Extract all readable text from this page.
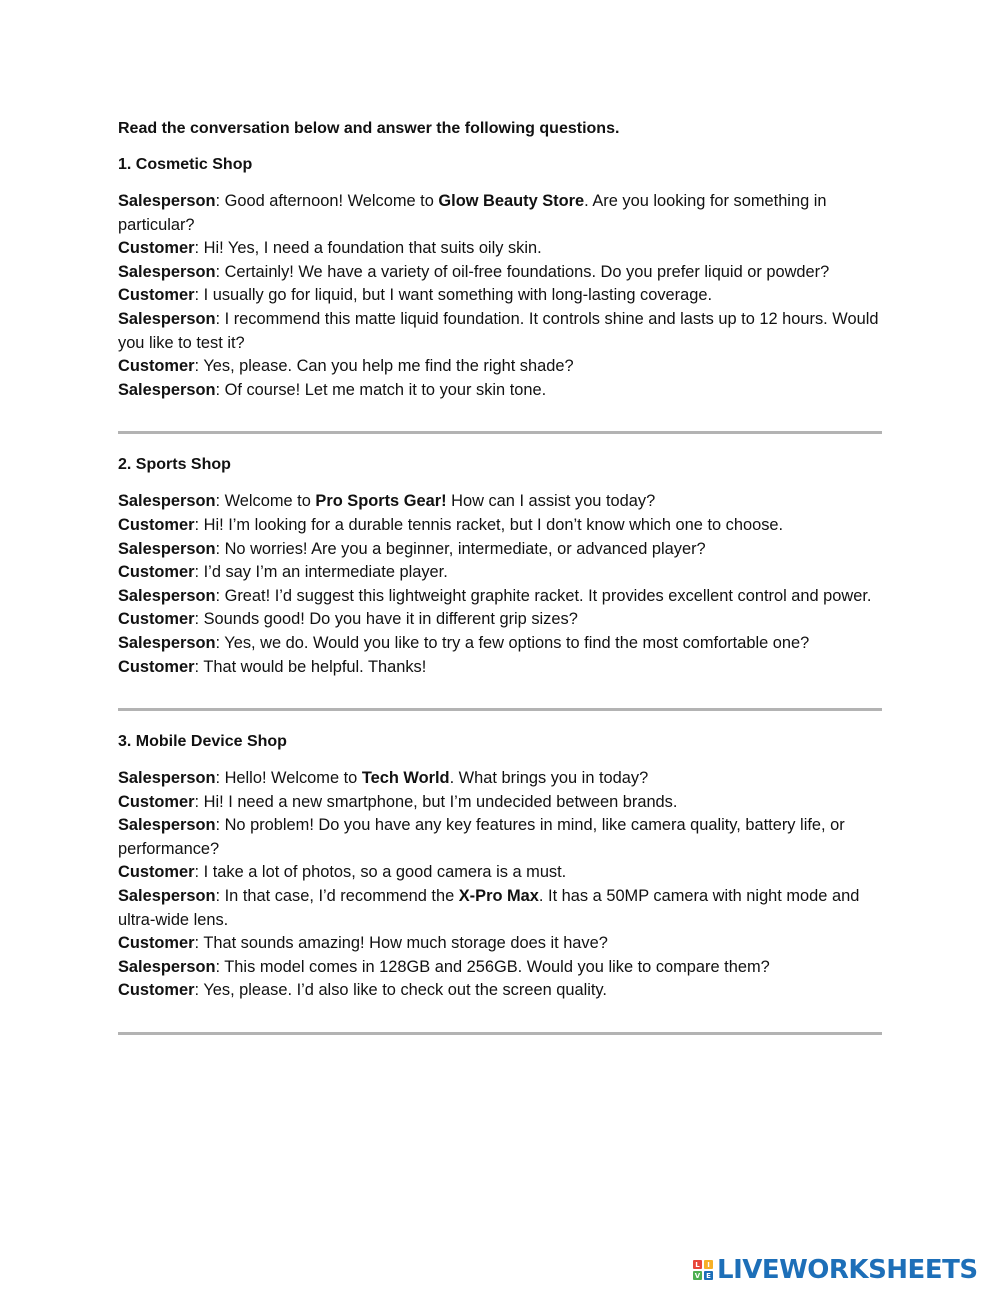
Read the conversation below and answer the following questions.

1. Cosmetic Shop

Salesperson: Good afternoon! Welcome to Glow Beauty Store. Are you looking for something in particular?

Customer: Hi! Yes, I need a foundation that suits oily skin.

Salesperson: Certainly! We have a variety of oil-free foundations. Do you prefer liquid or powder?

Customer: I usually go for liquid, but I want something with long-lasting coverage.

Salesperson: I recommend this matte liquid foundation. It controls shine and lasts up to 12 hours. Would you like to test it?

Customer: Yes, please. Can you help me find the right shade?

Salesperson: Of course! Let me match it to your skin tone.

2. Sports Shop

Salesperson: Welcome to Pro Sports Gear! How can I assist you today?

Customer: Hi! I’m looking for a durable tennis racket, but I don’t know which one to choose.

Salesperson: No worries! Are you a beginner, intermediate, or advanced player?

Customer: I’d say I’m an intermediate player.

Salesperson: Great! I’d suggest this lightweight graphite racket. It provides excellent control and power.

Customer: Sounds good! Do you have it in different grip sizes?

Salesperson: Yes, we do. Would you like to try a few options to find the most comfortable one?

Customer: That would be helpful. Thanks!

3. Mobile Device Shop

Salesperson: Hello! Welcome to Tech World. What brings you in today?

Customer: Hi! I need a new smartphone, but I’m undecided between brands.

Salesperson: No problem! Do you have any key features in mind, like camera quality, battery life, or performance?

Customer: I take a lot of photos, so a good camera is a must.

Salesperson: In that case, I’d recommend the X-Pro Max. It has a 50MP camera with night mode and ultra-wide lens.

Customer: That sounds amazing! How much storage does it have?

Salesperson: This model comes in 128GB and 256GB. Would you like to compare them?

Customer: Yes, please. I’d also like to check out the screen quality.

L	I
V E LIVEWORKSHEETS
